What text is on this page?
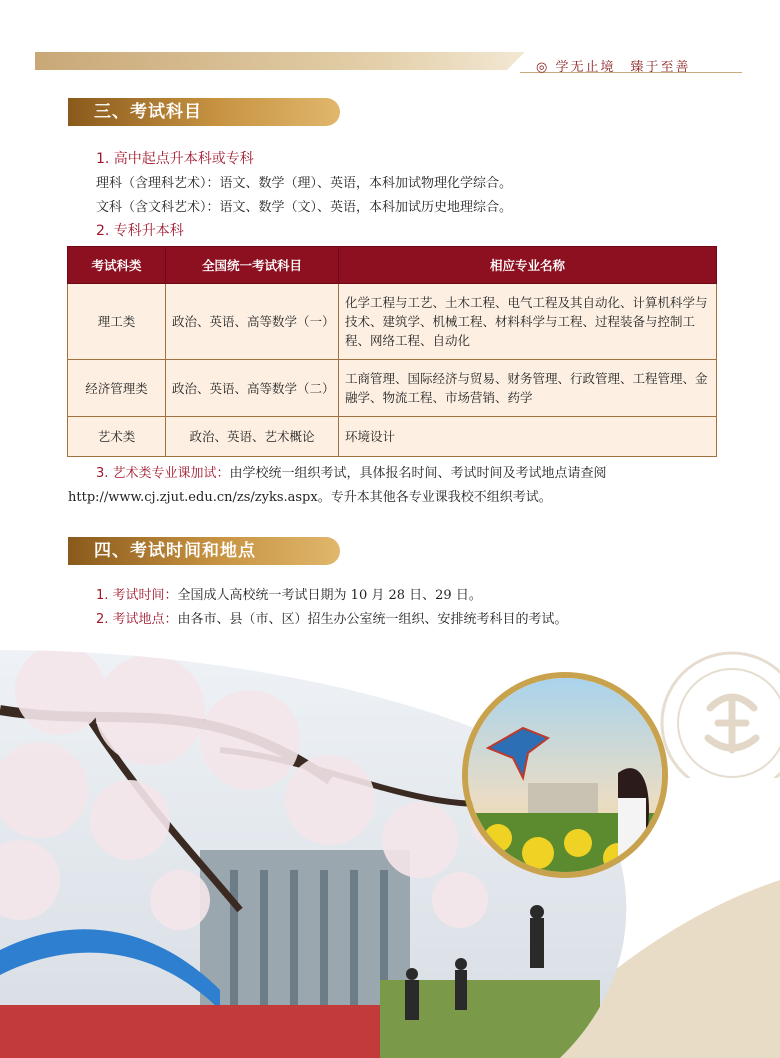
◎ 学无止境　臻于至善
三、考试科目
1. 高中起点升本科或专科
理科（含理科艺术）：语文、数学（理）、英语，本科加试物理化学综合。
文科（含文科艺术）：语文、数学（文）、英语，本科加试历史地理综合。
2. 专科升本科
考试科类	全国统一考试科目	相应专业名称
理工类	政治、英语、高等数学（一）	化学工程与工艺、土木工程、电气工程及其自动化、计算机科学与技术、建筑学、机械工程、材料科学与工程、过程装备与控制工程、网络工程、自动化
经济管理类	政治、英语、高等数学（二）	工商管理、国际经济与贸易、财务管理、行政管理、工程管理、金融学、物流工程、市场营销、药学
艺术类	政治、英语、艺术概论	环境设计
3. 艺术类专业课加试：由学校统一组织考试，具体报名时间、考试时间及考试地点请查阅 http://www.cj.zjut.edu.cn/zs/zyks.aspx。专升本其他各专业课我校不组织考试。
四、考试时间和地点
1. 考试时间：全国成人高校统一考试日期为 10 月 28 日、29 日。
2. 考试地点：由各市、县（市、区）招生办公室统一组织、安排统考科目的考试。
